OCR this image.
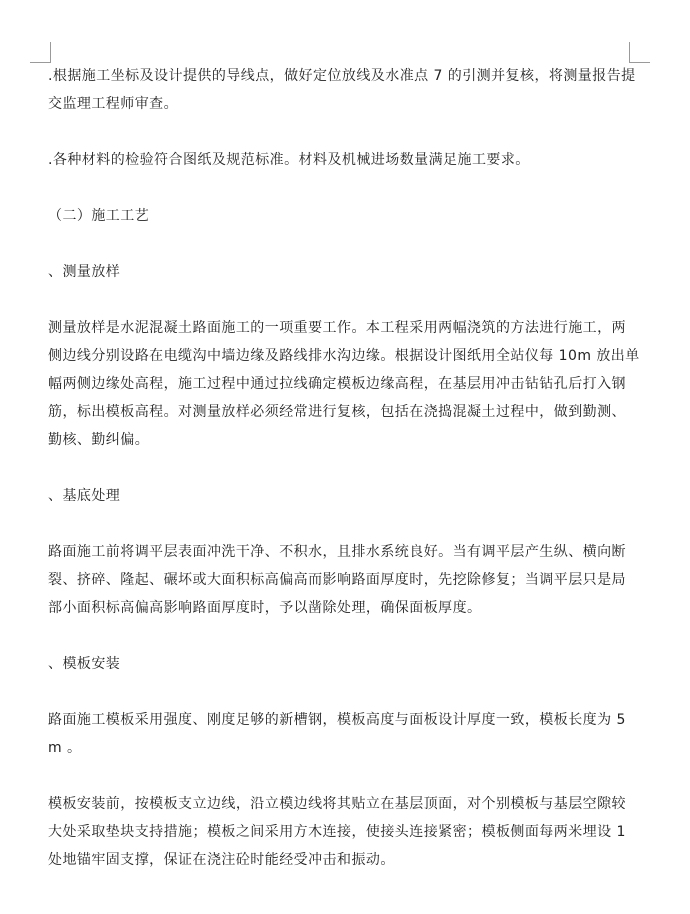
.根据施工坐标及设计提供的导线点，做好定位放线及水准点 7 的引测并复核，将测量报告提
交监理工程师审查。
.各种材料的检验符合图纸及规范标准。材料及机械进场数量满足施工要求。
（二）施工工艺
、测量放样
测量放样是水泥混凝土路面施工的一项重要工作。本工程采用两幅浇筑的方法进行施工，两
侧边线分别设路在电缆沟中墙边缘及路线排水沟边缘。根据设计图纸用全站仪每 10m 放出单
幅两侧边缘处高程，施工过程中通过拉线确定模板边缘高程，在基层用冲击钻钻孔后打入钢
筋，标出模板高程。对测量放样必须经常进行复核，包括在浇捣混凝土过程中，做到勤测、
勤核、勤纠偏。
、基底处理
路面施工前将调平层表面冲洗干净、不积水，且排水系统良好。当有调平层产生纵、横向断
裂、挤碎、隆起、碾坏或大面积标高偏高而影响路面厚度时，先挖除修复；当调平层只是局
部小面积标高偏高影响路面厚度时，予以凿除处理，确保面板厚度。
、模板安装
路面施工模板采用强度、刚度足够的新槽钢，模板高度与面板设计厚度一致，模板长度为 5
m 。
模板安装前，按模板支立边线，沿立模边线将其贴立在基层顶面，对个别模板与基层空隙较
大处采取垫块支持措施；模板之间采用方木连接，使接头连接紧密；模板侧面每两米埋设 1
处地锚牢固支撑，保证在浇注砼时能经受冲击和振动。
